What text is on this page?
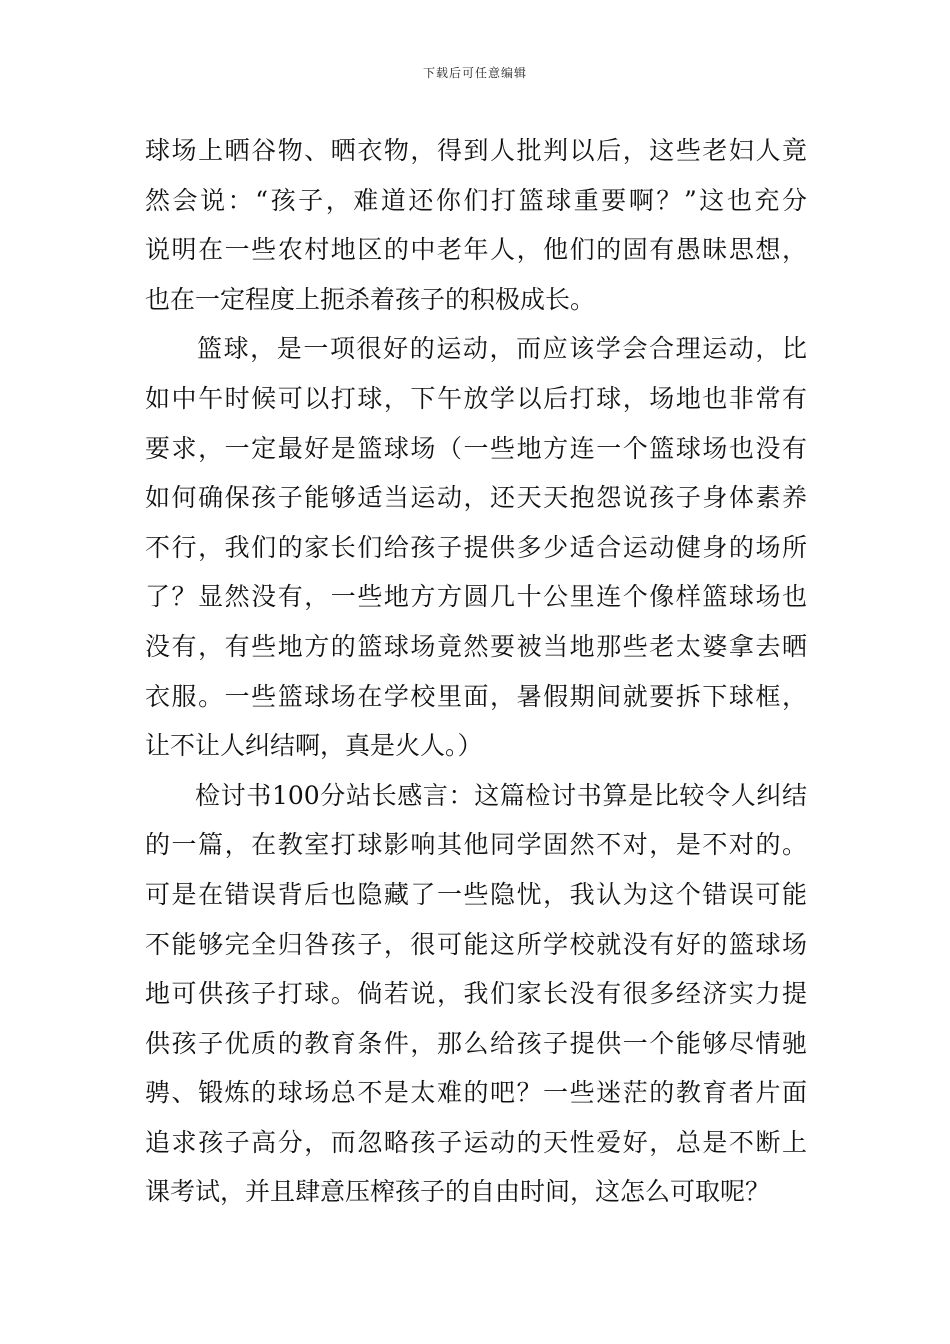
下载后可任意编辑
球场上晒谷物、晒衣物，得到人批判以后，这些老妇人竟
然会说：“孩子，难道还你们打篮球重要啊？”这也充分
说明在一些农村地区的中老年人，他们的固有愚昧思想，
也在一定程度上扼杀着孩子的积极成长。
篮球，是一项很好的运动，而应该学会合理运动，比
如中午时候可以打球，下午放学以后打球，场地也非常有
要求，一定最好是篮球场（一些地方连一个篮球场也没有
如何确保孩子能够适当运动，还天天抱怨说孩子身体素养
不行，我们的家长们给孩子提供多少适合运动健身的场所
了？显然没有，一些地方方圆几十公里连个像样篮球场也
没有，有些地方的篮球场竟然要被当地那些老太婆拿去晒
衣服。一些篮球场在学校里面，暑假期间就要拆下球框，
让不让人纠结啊，真是火人。）
检讨书100分站长感言：这篇检讨书算是比较令人纠结
的一篇，在教室打球影响其他同学固然不对，是不对的。
可是在错误背后也隐藏了一些隐忧，我认为这个错误可能
不能够完全归咎孩子，很可能这所学校就没有好的篮球场
地可供孩子打球。倘若说，我们家长没有很多经济实力提
供孩子优质的教育条件，那么给孩子提供一个能够尽情驰
骋、锻炼的球场总不是太难的吧？一些迷茫的教育者片面
追求孩子高分，而忽略孩子运动的天性爱好，总是不断上
课考试，并且肆意压榨孩子的自由时间，这怎么可取呢？
